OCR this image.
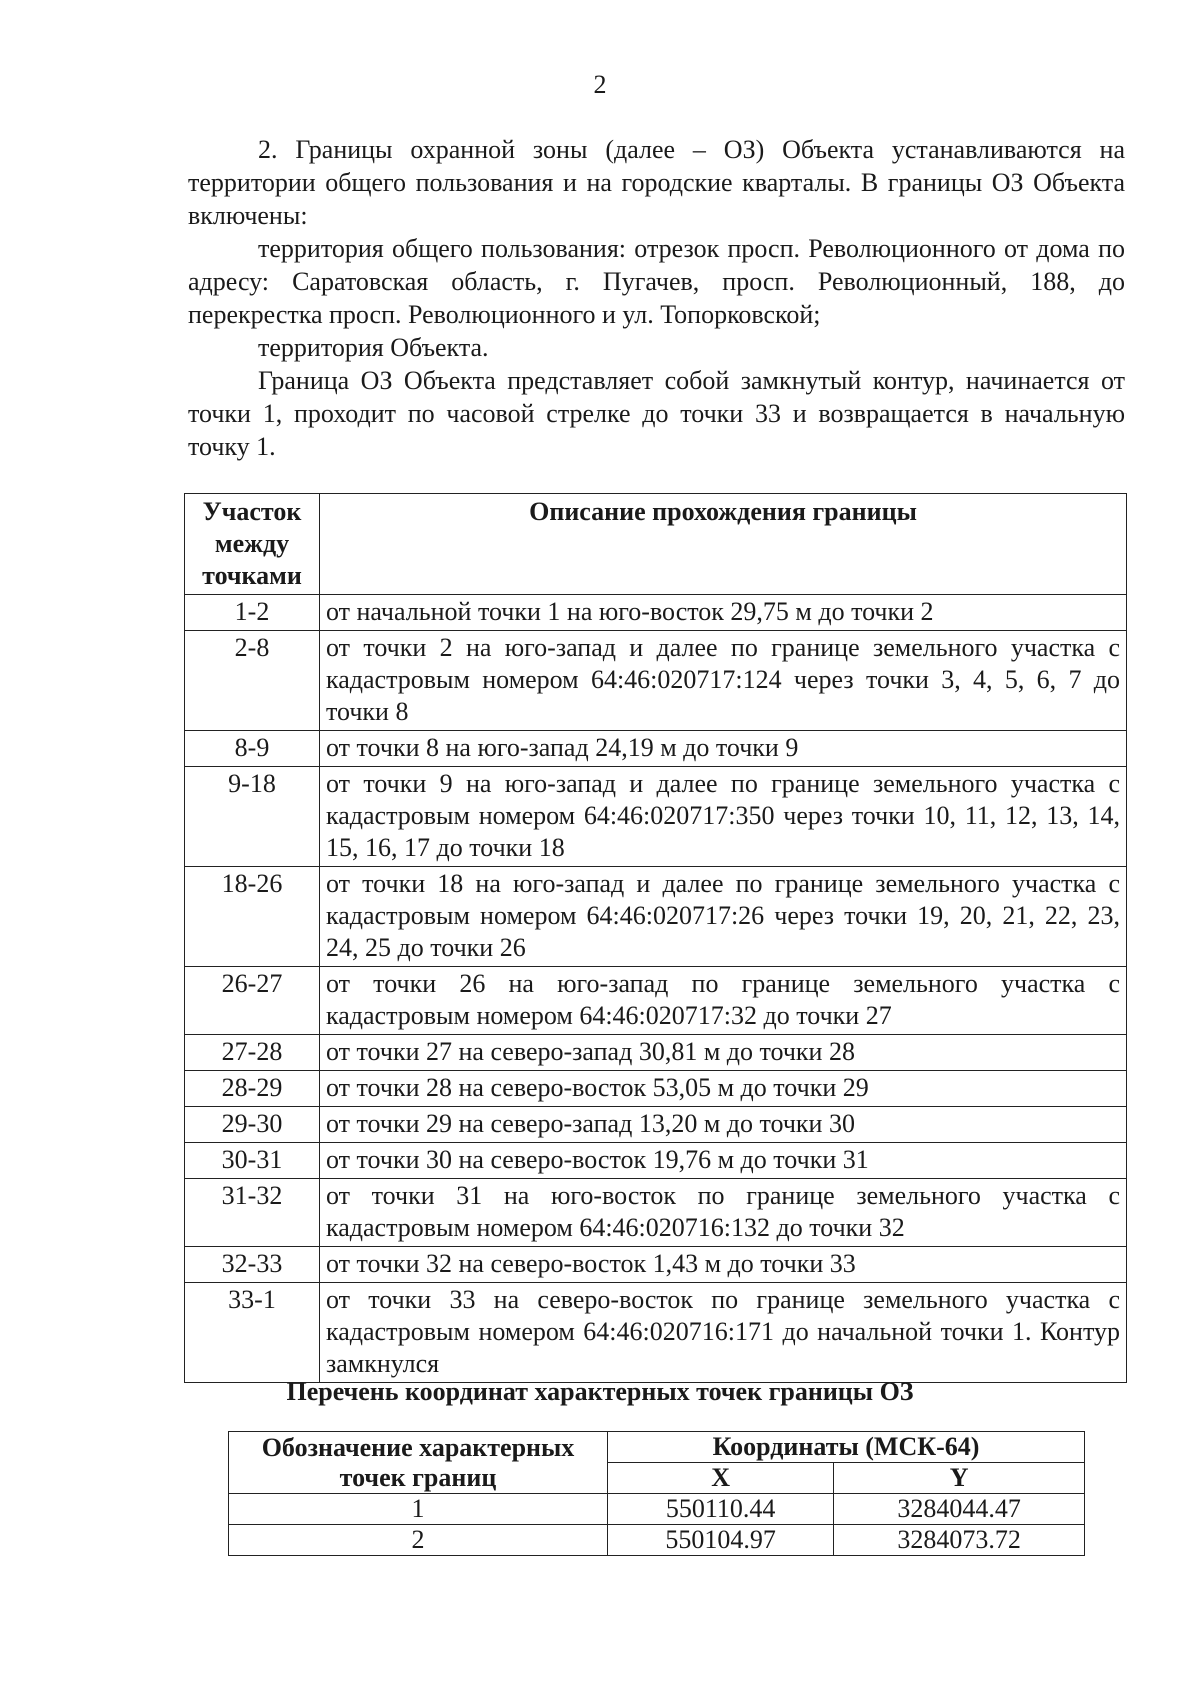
2

2. Границы охранной зоны (далее – ОЗ) Объекта устанавливаются на территории общего пользования и на городские кварталы. В границы ОЗ Объекта включены:

территория общего пользования: отрезок просп. Революционного от дома по адресу: Саратовская область, г. Пугачев, просп. Революционный, 188, до перекрестка просп. Революционного и ул. Топорковской;

территория Объекта.

Граница ОЗ Объекта представляет собой замкнутый контур, начинается от точки 1, проходит по часовой стрелке до точки 33 и возвращается в начальную точку 1.

Участок между точками	Описание прохождения границы
1-2	от начальной точки 1 на юго-восток 29,75 м до точки 2
2-8	от точки 2 на юго-запад и далее по границе земельного участка с кадастровым номером 64:46:020717:124 через точки 3, 4, 5, 6, 7 до точки 8
8-9	от точки 8 на юго-запад 24,19 м до точки 9
9-18	от точки 9 на юго-запад и далее по границе земельного участка с кадастровым номером 64:46:020717:350 через точки 10, 11, 12, 13, 14, 15, 16, 17 до точки 18
18-26	от точки 18 на юго-запад и далее по границе земельного участка с кадастровым номером 64:46:020717:26 через точки 19, 20, 21, 22, 23, 24, 25 до точки 26
26-27	от точки 26 на юго-запад по границе земельного участка с кадастровым номером 64:46:020717:32 до точки 27
27-28	от точки 27 на северо-запад 30,81 м до точки 28
28-29	от точки 28 на северо-восток 53,05 м до точки 29
29-30	от точки 29 на северо-запад 13,20 м до точки 30
30-31	от точки 30 на северо-восток 19,76 м до точки 31
31-32	от точки 31 на юго-восток по границе земельного участка с кадастровым номером 64:46:020716:132 до точки 32
32-33	от точки 32 на северо-восток 1,43 м до точки 33
33-1	от точки 33 на северо-восток по границе земельного участка с кадастровым номером 64:46:020716:171 до начальной точки 1. Контур замкнулся
Перечень координат характерных точек границы ОЗ
Обозначение характерных точек границ	Координаты (МСК-64)	
	X	Y
1	550110.44	3284044.47
2	550104.97	3284073.72
